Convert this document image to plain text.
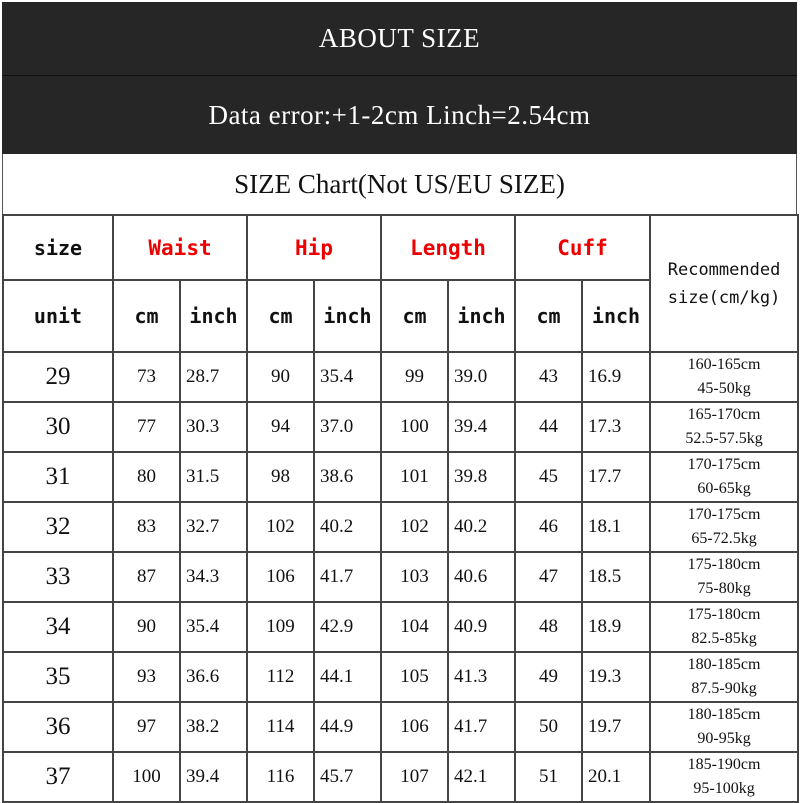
ABOUT SIZE
Data error:+1-2cm Linch=2.54cm
SIZE Chart(Not US/EU SIZE)
size	Waist		Hip		Length		Cuff		Recommended
size(cm/kg)

unit	cm	inch	cm	inch	cm	inch	cm	inch	
29	73	28.7	90	35.4	99	39.0	43	16.9	160-165cm
45-50kg

30	77	30.3	94	37.0	100	39.4	44	17.3	165-170cm
52.5-57.5kg

31	80	31.5	98	38.6	101	39.8	45	17.7	170-175cm
60-65kg

32	83	32.7	102	40.2	102	40.2	46	18.1	170-175cm
65-72.5kg

33	87	34.3	106	41.7	103	40.6	47	18.5	175-180cm
75-80kg

34	90	35.4	109	42.9	104	40.9	48	18.9	175-180cm
82.5-85kg

35	93	36.6	112	44.1	105	41.3	49	19.3	180-185cm
87.5-90kg

36	97	38.2	114	44.9	106	41.7	50	19.7	180-185cm
90-95kg

37	100	39.4	116	45.7	107	42.1	51	20.1	185-190cm
95-100kg
